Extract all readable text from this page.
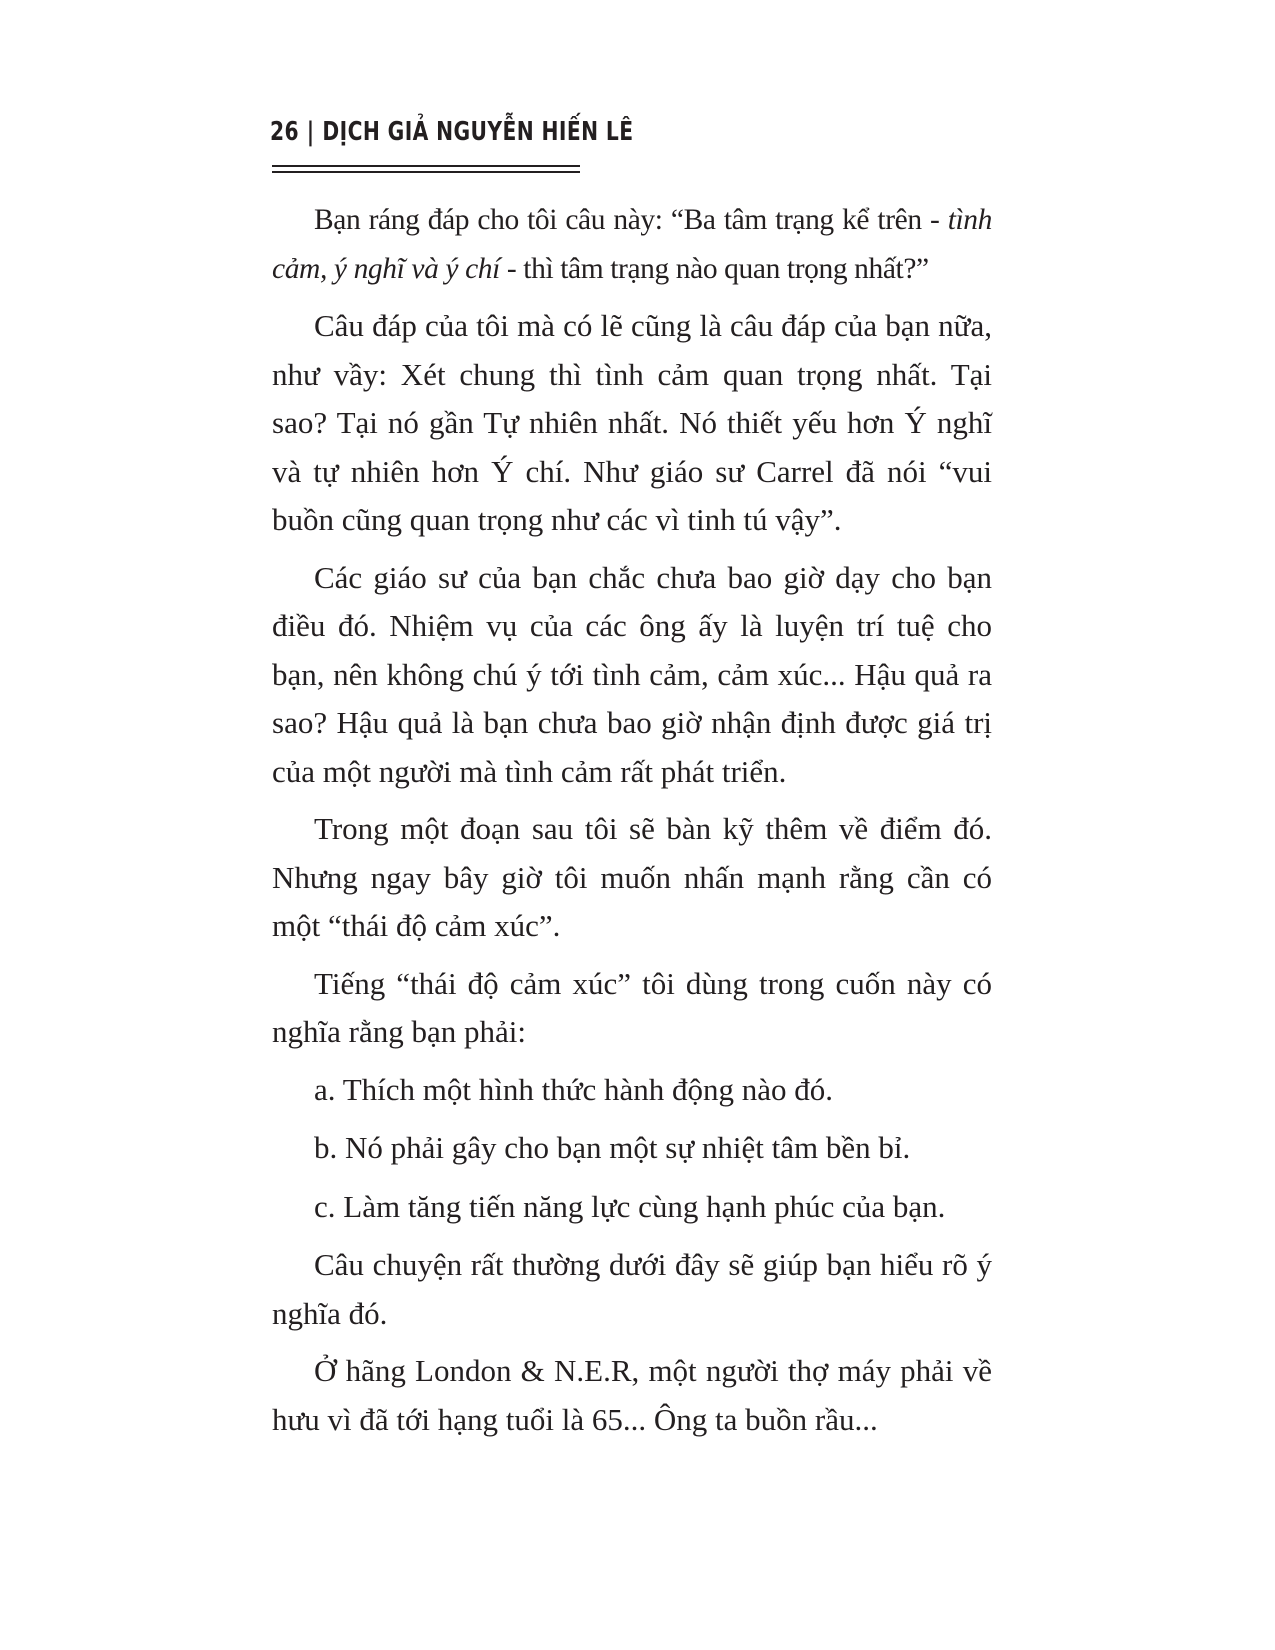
26 | DỊCH GIẢ NGUYỄN HIẾN LÊ

Bạn ráng đáp cho tôi câu này: “Ba tâm trạng kể trên - tình cảm, ý nghĩ và ý chí - thì tâm trạng nào quan trọng nhất?”

Câu đáp của tôi mà có lẽ cũng là câu đáp của bạn nữa, như vầy: Xét chung thì tình cảm quan trọng nhất. Tại sao? Tại nó gần Tự nhiên nhất. Nó thiết yếu hơn Ý nghĩ và tự nhiên hơn Ý chí. Như giáo sư Carrel đã nói “vui buồn cũng quan trọng như các vì tinh tú vậy”.

Các giáo sư của bạn chắc chưa bao giờ dạy cho bạn điều đó. Nhiệm vụ của các ông ấy là luyện trí tuệ cho bạn, nên không chú ý tới tình cảm, cảm xúc... Hậu quả ra sao? Hậu quả là bạn chưa bao giờ nhận định được giá trị của một người mà tình cảm rất phát triển.

Trong một đoạn sau tôi sẽ bàn kỹ thêm về điểm đó. Nhưng ngay bây giờ tôi muốn nhấn mạnh rằng cần có một “thái độ cảm xúc”.

Tiếng “thái độ cảm xúc” tôi dùng trong cuốn này có nghĩa rằng bạn phải:

a. Thích một hình thức hành động nào đó.

b. Nó phải gây cho bạn một sự nhiệt tâm bền bỉ.

c. Làm tăng tiến năng lực cùng hạnh phúc của bạn.

Câu chuyện rất thường dưới đây sẽ giúp bạn hiểu rõ ý nghĩa đó.

Ở hãng London & N.E.R, một người thợ máy phải về hưu vì đã tới hạng tuổi là 65... Ông ta buồn rầu...
